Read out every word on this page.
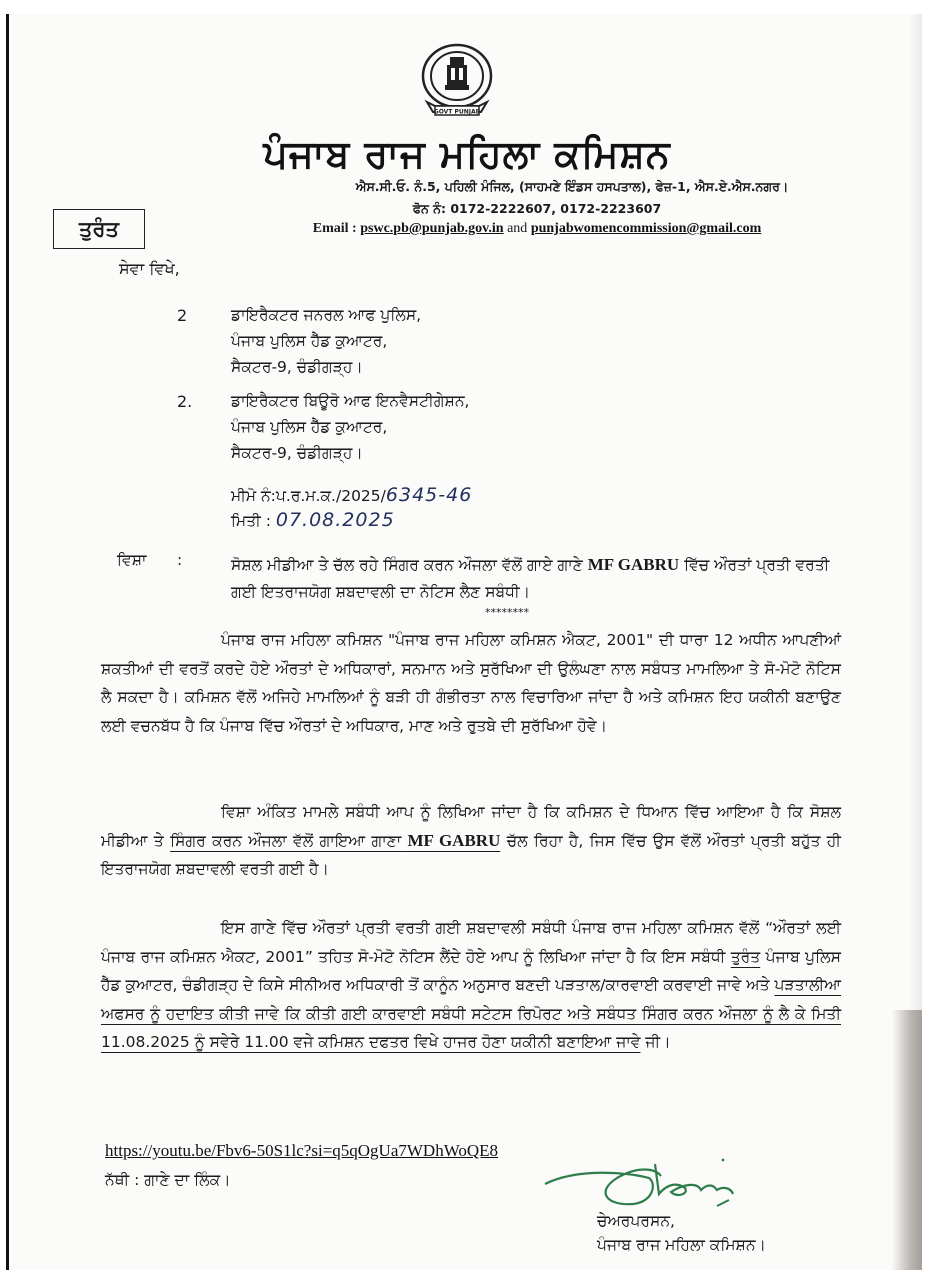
GOVT PUNJAB
ਪੰਜਾਬ ਰਾਜ ਮਹਿਲਾ ਕਮਿਸ਼ਨ
ਐਸ.ਸੀ.ਓ. ਨੰ.5, ਪਹਿਲੀ ਮੰਜਿਲ, (ਸਾਹਮਣੇ ਇੰਡਸ ਹਸਪਤਾਲ), ਫੇਜ਼-1, ਐਸ.ਏ.ਐਸ.ਨਗਰ।
ਫੋਨ ਨੰ: 0172-2222607, 0172-2223607
Email : pswc.pb@punjab.gov.in and punjabwomencommission@gmail.com
ਤੁਰੰਤ
ਸੇਵਾ ਵਿਖੇ,
2	ਡਾਇਰੈਕਟਰ ਜਨਰਲ ਆਫ ਪੁਲਿਸ,
ਪੰਜਾਬ ਪੁਲਿਸ ਹੈੱਡ ਕੁਆਟਰ,
ਸੈਕਟਰ-9, ਚੰਡੀਗੜ੍ਹ।
2. ਡਾਇਰੈਕਟਰ ਬਿਊਰੋ ਆਫ ਇਨਵੈਸਟੀਗੇਸ਼ਨ,
ਪੰਜਾਬ ਪੁਲਿਸ ਹੈੱਡ ਕੁਆਟਰ,
ਸੈਕਟਰ-9, ਚੰਡੀਗੜ੍ਹ।
ਮੀਮੋ ਨੰ:ਪ.ਰ.ਮ.ਕ./2025/6345-46
ਮਿਤੀ : 07.08.2025
ਵਿਸ਼ਾ :	ਸੋਸ਼ਲ ਮੀਡੀਆ ਤੇ ਚੱਲ ਰਹੇ ਸਿੰਗਰ ਕਰਨ ਔਜਲਾ ਵੱਲੋਂ ਗਾਏ ਗਾਣੇ MF GABRU ਵਿੱਚ ਔਰਤਾਂ ਪ੍ਰਤੀ ਵਰਤੀ ਗਈ ਇਤਰਾਜਯੋਗ ਸ਼ਬਦਾਵਲੀ ਦਾ ਨੋਟਿਸ ਲੈਣ ਸਬੰਧੀ।
********
ਪੰਜਾਬ ਰਾਜ ਮਹਿਲਾ ਕਮਿਸ਼ਨ "ਪੰਜਾਬ ਰਾਜ ਮਹਿਲਾ ਕਮਿਸ਼ਨ ਐਕਟ, 2001" ਦੀ ਧਾਰਾ 12 ਅਧੀਨ ਆਪਣੀਆਂ ਸ਼ਕਤੀਆਂ ਦੀ ਵਰਤੋਂ ਕਰਦੇ ਹੋਏ ਔਰਤਾਂ ਦੇ ਅਧਿਕਾਰਾਂ, ਸਨਮਾਨ ਅਤੇ ਸੁਰੱਖਿਆ ਦੀ ਉਲੰਘਣਾ ਨਾਲ ਸਬੰਧਤ ਮਾਮਲਿਆ ਤੇ ਸੋ-ਮੋਟੋ ਨੋਟਿਸ ਲੈ ਸਕਦਾ ਹੈ। ਕਮਿਸ਼ਨ ਵੱਲੋਂ ਅਜਿਹੇ ਮਾਮਲਿਆਂ ਨੂੰ ਬੜੀ ਹੀ ਗੰਭੀਰਤਾ ਨਾਲ ਵਿਚਾਰਿਆ ਜਾਂਦਾ ਹੈ ਅਤੇ ਕਮਿਸ਼ਨ ਇਹ ਯਕੀਨੀ ਬਣਾਉਣ ਲਈ ਵਚਨਬੱਧ ਹੈ ਕਿ ਪੰਜਾਬ ਵਿੱਚ ਔਰਤਾਂ ਦੇ ਅਧਿਕਾਰ, ਮਾਣ ਅਤੇ ਰੁਤਬੇ ਦੀ ਸੁਰੱਖਿਆ ਹੋਵੇ।
ਵਿਸ਼ਾ ਅੰਕਿਤ ਮਾਮਲੇ ਸਬੰਧੀ ਆਪ ਨੂੰ ਲਿਖਿਆ ਜਾਂਦਾ ਹੈ ਕਿ ਕਮਿਸ਼ਨ ਦੇ ਧਿਆਨ ਵਿੱਚ ਆਇਆ ਹੈ ਕਿ ਸੋਸ਼ਲ ਮੀਡੀਆ ਤੇ ਸਿੰਗਰ ਕਰਨ ਔਜਲਾ ਵੱਲੋਂ ਗਾਇਆ ਗਾਣਾ MF GABRU ਚੱਲ ਰਿਹਾ ਹੈ, ਜਿਸ ਵਿੱਚ ਉਸ ਵੱਲੋਂ ਔਰਤਾਂ ਪ੍ਰਤੀ ਬਹੁੱਤ ਹੀ ਇਤਰਾਜਯੋਗ ਸ਼ਬਦਾਵਲੀ ਵਰਤੀ ਗਈ ਹੈ।
ਇਸ ਗਾਣੇ ਵਿੱਚ ਔਰਤਾਂ ਪ੍ਰਤੀ ਵਰਤੀ ਗਈ ਸ਼ਬਦਾਵਲੀ ਸਬੰਧੀ ਪੰਜਾਬ ਰਾਜ ਮਹਿਲਾ ਕਮਿਸ਼ਨ ਵੱਲੋਂ “ਔਰਤਾਂ ਲਈ ਪੰਜਾਬ ਰਾਜ ਕਮਿਸ਼ਨ ਐਕਟ, 2001” ਤਹਿਤ ਸੋ-ਮੋਟੋ ਨੋਟਿਸ ਲੈਂਦੇ ਹੋਏ ਆਪ ਨੂੰ ਲਿਖਿਆ ਜਾਂਦਾ ਹੈ ਕਿ ਇਸ ਸਬੰਧੀ ਤੁਰੰਤ ਪੰਜਾਬ ਪੁਲਿਸ ਹੈੱਡ ਕੁਆਟਰ, ਚੰਡੀਗੜ੍ਹ ਦੇ ਕਿਸੇ ਸੀਨੀਅਰ ਅਧਿਕਾਰੀ ਤੋਂ ਕਾਨੂੰਨ ਅਨੁਸਾਰ ਬਣਦੀ ਪੜਤਾਲ/ਕਾਰਵਾਈ ਕਰਵਾਈ ਜਾਵੇ ਅਤੇ ਪੜਤਾਲੀਆ ਅਫਸਰ ਨੂੰ ਹਦਾਇਤ ਕੀਤੀ ਜਾਵੇ ਕਿ ਕੀਤੀ ਗਈ ਕਾਰਵਾਈ ਸਬੰਧੀ ਸਟੇਟਸ ਰਿਪੋਰਟ ਅਤੇ ਸਬੰਧਤ ਸਿੰਗਰ ਕਰਨ ਔਜਲਾ ਨੂੰ ਲੈ ਕੇ ਮਿਤੀ 11.08.2025 ਨੂੰ ਸਵੇਰੇ 11.00 ਵਜੇ ਕਮਿਸ਼ਨ ਦਫਤਰ ਵਿਖੇ ਹਾਜਰ ਹੋਣਾ ਯਕੀਨੀ ਬਣਾਇਆ ਜਾਵੇ ਜੀ।
https://youtu.be/Fbv6-50S1lc?si=q5qOgUa7WDhWoQE8
ਨੱਥੀ : ਗਾਣੇ ਦਾ ਲਿੰਕ।
ਚੇਅਰਪਰਸਨ,
ਪੰਜਾਬ ਰਾਜ ਮਹਿਲਾ ਕਮਿਸ਼ਨ।
